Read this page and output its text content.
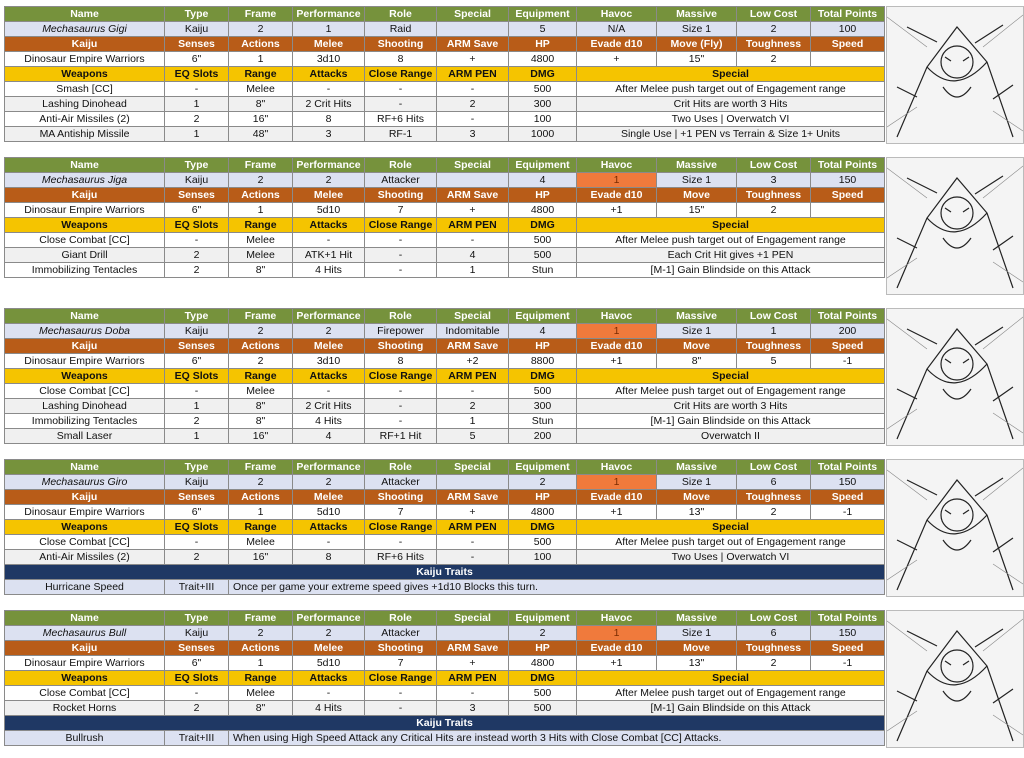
Name	Type	Frame	Performance	Role	Special	Equipment	Havoc	Massive	Low Cost	Total Points
Mechasaurus Gigi	Kaiju	2	1	Raid		5	N/A	Size 1	2	100
Kaiju	Senses	Actions	Melee	Shooting	ARM Save	HP	Evade d10	Move (Fly)	Toughness	Speed
Dinosaur Empire Warriors	6"	1	3d10	8	+	4800	+	15"	2	
Weapons	EQ Slots	Range	Attacks	Close Range	ARM PEN	DMG	Special			
Smash [CC]	-	Melee	-	-	-	500	After Melee push target out of Engagement range			
Lashing Dinohead	1	8"	2 Crit Hits	-	2	300	Crit Hits are worth 3 Hits			
Anti-Air Missiles (2)	2	16"	8	RF+6 Hits	-	100	Two Uses | Overwatch VI			
MA Antiship Missile	1	48"	3	RF-1	3	1000	Single Use | +1 PEN vs Terrain & Size 1+ Units			
Name	Type	Frame	Performance	Role	Special	Equipment	Havoc	Massive	Low Cost	Total Points
Mechasaurus Jiga	Kaiju	2	2	Attacker		4	1	Size 1	3	150
Kaiju	Senses	Actions	Melee	Shooting	ARM Save	HP	Evade d10	Move	Toughness	Speed
Dinosaur Empire Warriors	6"	1	5d10	7	+	4800	+1	15"	2	
Weapons	EQ Slots	Range	Attacks	Close Range	ARM PEN	DMG	Special			
Close Combat [CC]	-	Melee	-	-	-	500	After Melee push target out of Engagement range			
Giant Drill	2	Melee	ATK+1 Hit	-	4	500	Each Crit Hit gives +1 PEN			
Immobilizing Tentacles	2	8"	4 Hits	-	1	Stun	[M-1] Gain Blindside on this Attack			
Name	Type	Frame	Performance	Role	Special	Equipment	Havoc	Massive	Low Cost	Total Points
Mechasaurus Doba	Kaiju	2	2	Firepower	Indomitable	4	1	Size 1	1	200
Kaiju	Senses	Actions	Melee	Shooting	ARM Save	HP	Evade d10	Move	Toughness	Speed
Dinosaur Empire Warriors	6"	2	3d10	8	+2	8800	+1	8"	5	-1
Weapons	EQ Slots	Range	Attacks	Close Range	ARM PEN	DMG	Special			
Close Combat [CC]	-	Melee	-	-	-	500	After Melee push target out of Engagement range			
Lashing Dinohead	1	8"	2 Crit Hits	-	2	300	Crit Hits are worth 3 Hits			
Immobilizing Tentacles	2	8"	4 Hits	-	1	Stun	[M-1] Gain Blindside on this Attack			
Small Laser	1	16"	4	RF+1 Hit	5	200	Overwatch II			
Name	Type	Frame	Performance	Role	Special	Equipment	Havoc	Massive	Low Cost	Total Points
Mechasaurus Giro	Kaiju	2	2	Attacker		2	1	Size 1	6	150
Kaiju	Senses	Actions	Melee	Shooting	ARM Save	HP	Evade d10	Move	Toughness	Speed
Dinosaur Empire Warriors	6"	1	5d10	7	+	4800	+1	13"	2	-1
Weapons	EQ Slots	Range	Attacks	Close Range	ARM PEN	DMG	Special			
Close Combat [CC]	-	Melee	-	-	-	500	After Melee push target out of Engagement range			
Anti-Air Missiles (2)	2	16"	8	RF+6 Hits	-	100	Two Uses | Overwatch VI			
Kaiju Traits										
Hurricane Speed	Trait+III	Once per game your extreme speed gives +1d10 Blocks this turn.								
Name	Type	Frame	Performance	Role	Special	Equipment	Havoc	Massive	Low Cost	Total Points
Mechasaurus Bull	Kaiju	2	2	Attacker		2	1	Size 1	6	150
Kaiju	Senses	Actions	Melee	Shooting	ARM Save	HP	Evade d10	Move	Toughness	Speed
Dinosaur Empire Warriors	6"	1	5d10	7	+	4800	+1	13"	2	-1
Weapons	EQ Slots	Range	Attacks	Close Range	ARM PEN	DMG	Special			
Close Combat [CC]	-	Melee	-	-	-	500	After Melee push target out of Engagement range			
Rocket Horns	2	8"	4 Hits	-	3	500	[M-1] Gain Blindside on this Attack			
Kaiju Traits										
Bullrush	Trait+III	When using High Speed Attack any Critical Hits are instead worth 3 Hits with Close Combat [CC] Attacks.								
